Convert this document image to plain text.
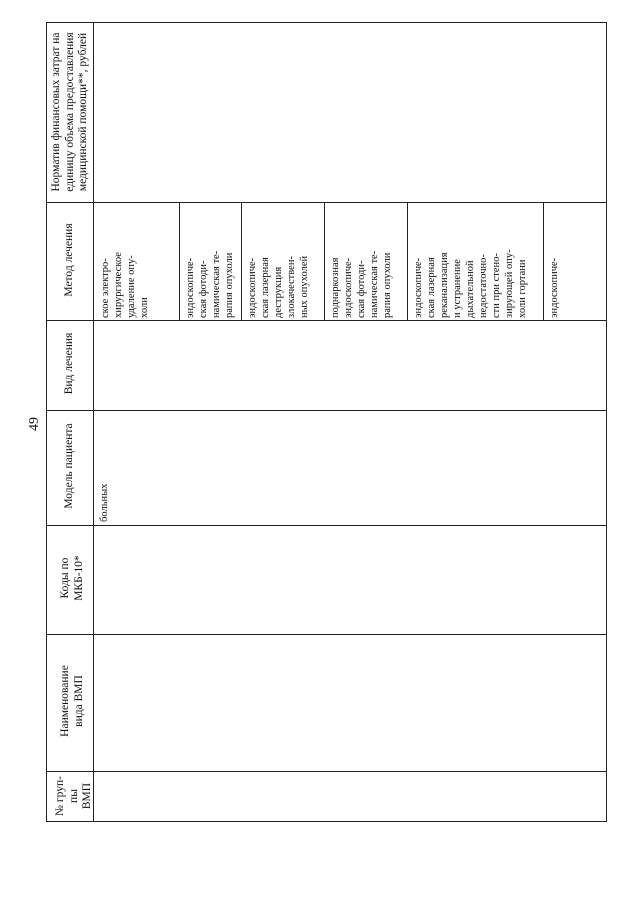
49
№ груп- пы ВМП
Наименование вида ВМП
Коды по МКБ-10*
Модель пациента
Вид лечения
Метод лечения
Норматив финансовых затрат на единицу объема предоставления медицинской помощи**, рублей
больных
ское электро- хирургическое удаление опу- холи	эндоскопиче- ская фотоди- намическая те- рапия опухоли эндоскопиче- ская лазерная деструкция злокачествен- ных опухолей поднаркозная эндоскопиче- ская фотоди- намическая те- рапия опухоли эндоскопиче- ская лазерная реканализация и устранение дыхательной недостаточно- сти при стено- зирующей опу- холи гортани эндоскопиче-
